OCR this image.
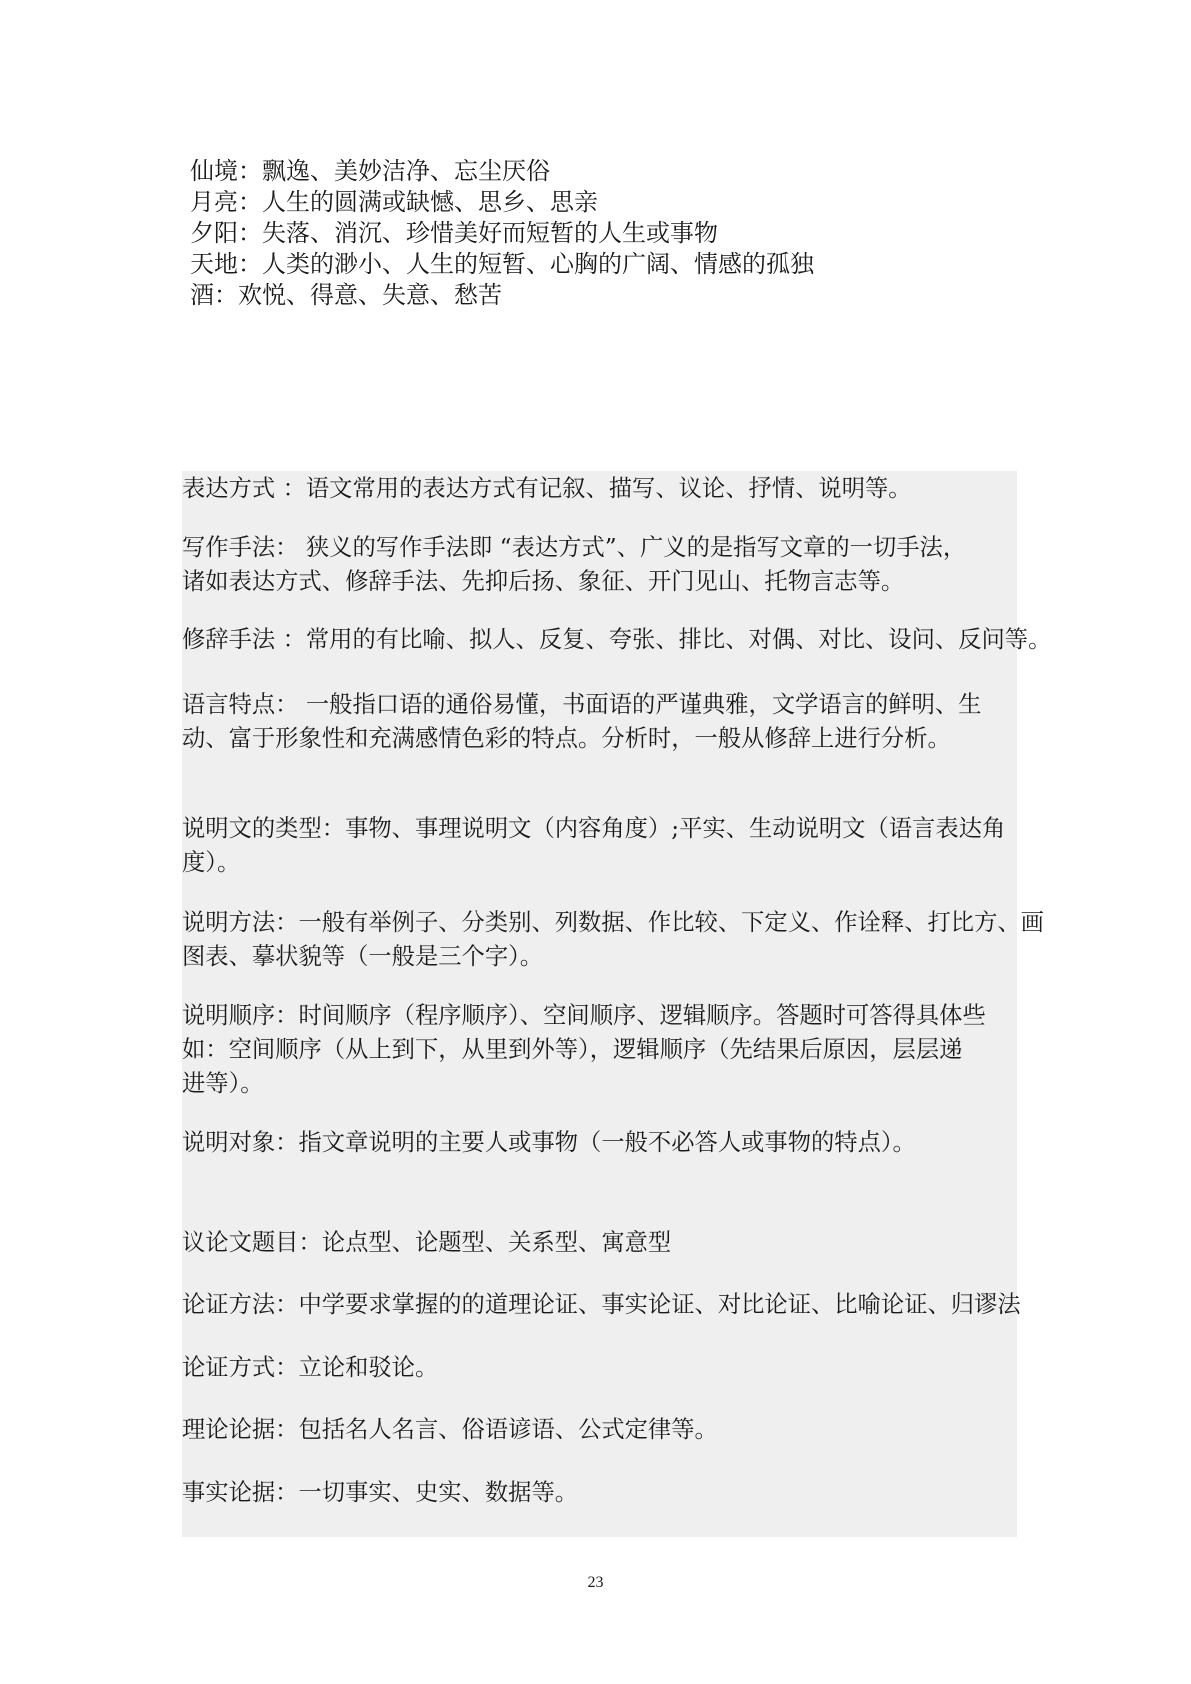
仙境：飘逸、美妙洁净、忘尘厌俗
月亮：人生的圆满或缺憾、思乡、思亲
夕阳：失落、消沉、珍惜美好而短暂的人生或事物
天地：人类的渺小、人生的短暂、心胸的广阔、情感的孤独
酒：欢悦、得意、失意、愁苦

表达方式 ：语文常用的表达方式有记叙、描写、议论、抒情、说明等。

写作手法： 狭义的写作手法即 “表达方式”、广义的是指写文章的一切手法，
诸如表达方式、修辞手法、先抑后扬、象征、开门见山、托物言志等。

修辞手法 ：常用的有比喻、拟人、反复、夸张、排比、对偶、对比、设问、反问等。

语言特点： 一般指口语的通俗易懂，书面语的严谨典雅，文学语言的鲜明、生
动、富于形象性和充满感情色彩的特点。分析时，一般从修辞上进行分析。

说明文的类型：事物、事理说明文（内容角度）;平实、生动说明文（语言表达角
度）。

说明方法：一般有举例子、分类别、列数据、作比较、下定义、作诠释、打比方、画
图表、摹状貌等（一般是三个字）。

说明顺序：时间顺序（程序顺序）、空间顺序、逻辑顺序。答题时可答得具体些
如：空间顺序（从上到下，从里到外等），逻辑顺序（先结果后原因，层层递
进等）。

说明对象：指文章说明的主要人或事物（一般不必答人或事物的特点）。

议论文题目：论点型、论题型、关系型、寓意型

论证方法：中学要求掌握的的道理论证、事实论证、对比论证、比喻论证、归谬法

论证方式：立论和驳论。

理论论据：包括名人名言、俗语谚语、公式定律等。

事实论据：一切事实、史实、数据等。

23
